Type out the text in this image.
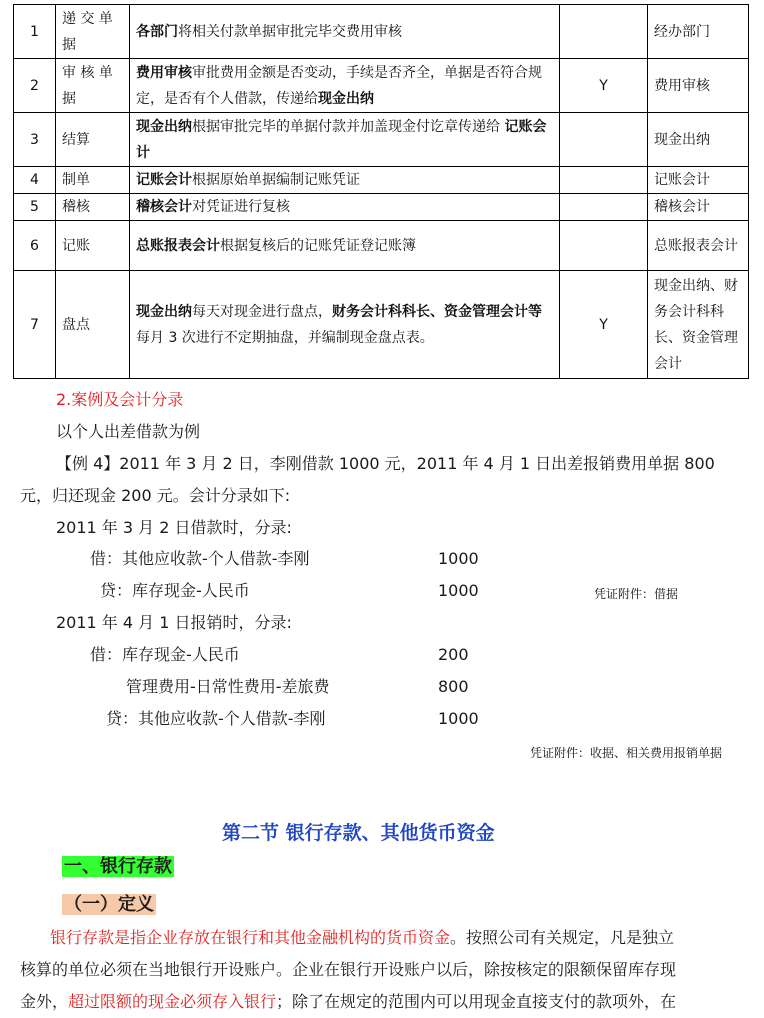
1	递 交 单据	各部门将相关付款单据审批完毕交费用审核		经办部门
2	审 核 单据	费用审核审批费用金额是否变动，手续是否齐全，单据是否符合规定，是否有个人借款，传递给现金出纳	Y	费用审核
3	结算	现金出纳根据审批完毕的单据付款并加盖现金付讫章传递给 记账会计		现金出纳
4	制单	记账会计根据原始单据编制记账凭证		记账会计
5	稽核	稽核会计对凭证进行复核		稽核会计
6	记账	总账报表会计根据复核后的记账凭证登记账簿		总账报表会计
7	盘点	现金出纳每天对现金进行盘点，财务会计科科长、资金管理会计等每月 3 次进行不定期抽盘，并编制现金盘点表。	Y	现金出纳、财务会计科科长、资金管理会计
2.案例及会计分录
以个人出差借款为例
【例 4】2011 年 3 月 2 日，李刚借款 1000 元，2011 年 4 月 1 日出差报销费用单据 800
元，归还现金 200 元。会计分录如下:
2011 年 3 月 2 日借款时，分录:
借：其他应收款-个人借款-李刚	1000
贷：库存现金-人民币	1000	凭证附件：借据
2011 年 4 月 1 日报销时，分录:
借：库存现金-人民币	200
管理费用-日常性费用-差旅费	800
贷：其他应收款-个人借款-李刚	1000
凭证附件：收据、相关费用报销单据
第二节 银行存款、其他货币资金
一、银行存款
（一）定义
银行存款是指企业存放在银行和其他金融机构的货币资金。按照公司有关规定，凡是独立
核算的单位必须在当地银行开设账户。企业在银行开设账户以后，除按核定的限额保留库存现
金外，超过限额的现金必须存入银行；除了在规定的范围内可以用现金直接支付的款项外，在
